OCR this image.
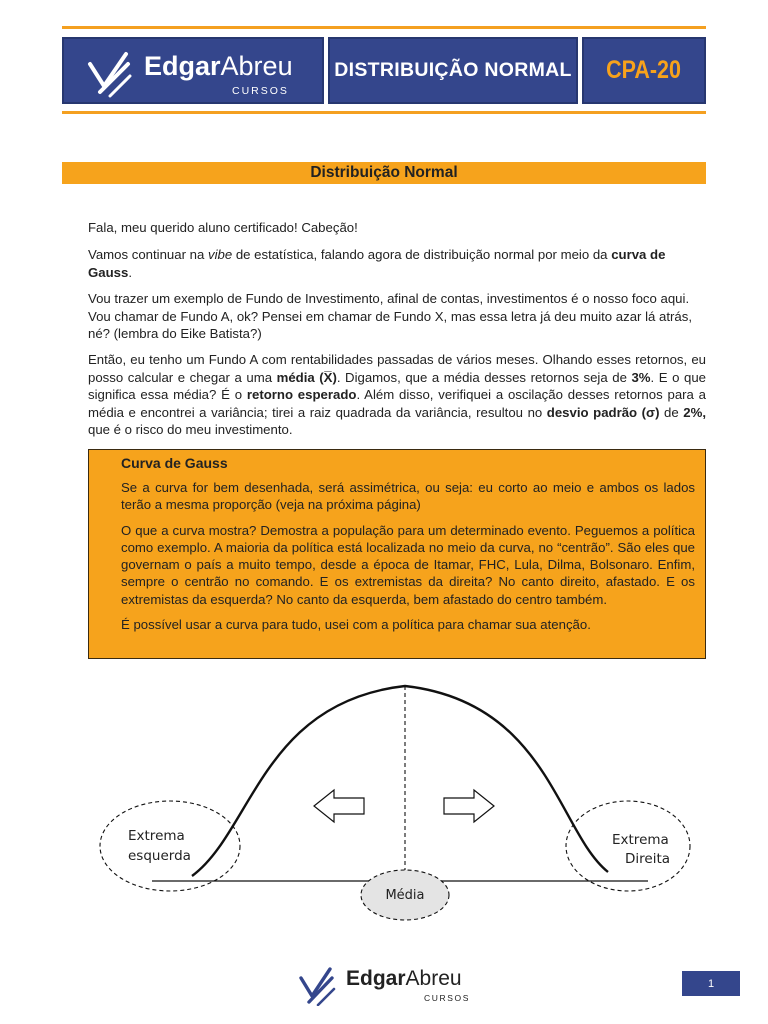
EdgarAbreu
CURSOS
DISTRIBUIÇÃO NORMAL CPA-20
Distribuição Normal

Fala, meu querido aluno certificado! Cabeção!

Vamos continuar na vibe de estatística, falando agora de distribuição normal por meio da curva de Gauss.

Vou trazer um exemplo de Fundo de Investimento, afinal de contas, investimentos é o nosso foco aqui. Vou chamar de Fundo A, ok? Pensei em chamar de Fundo X, mas essa letra já deu muito azar lá atrás, né? (lembra do Eike Batista?)

Então, eu tenho um Fundo A com rentabilidades passadas de vários meses. Olhando esses retornos, eu posso calcular e chegar a uma média (X̅). Digamos, que a média desses retornos seja de 3%. E o que significa essa média? É o retorno esperado. Além disso, verifiquei a oscilação desses retornos para a média e encontrei a variância; tirei a raiz quadrada da variância, resultou no desvio padrão (σ) de 2%, que é o risco do meu investimento.

Curva de Gauss

Se a curva for bem desenhada, será assimétrica, ou seja: eu corto ao meio e ambos os lados terão a mesma proporção (veja na próxima página)

O que a curva mostra? Demostra a população para um determinado evento. Peguemos a política como exemplo. A maioria da política está localizada no meio da curva, no “centrão”. São eles que governam o país a muito tempo, desde a época de Itamar, FHC, Lula, Dilma, Bolsonaro. Enfim, sempre o centrão no comando. E os extremistas da direita? No canto direito, afastado. E os extremistas da esquerda? No canto da esquerda, bem afastado do centro também.

É possível usar a curva para tudo, usei com a política para chamar sua atenção.

Extrema
esquerda
Extrema
Direita
Média
EdgarAbreu
CURSOS
1
